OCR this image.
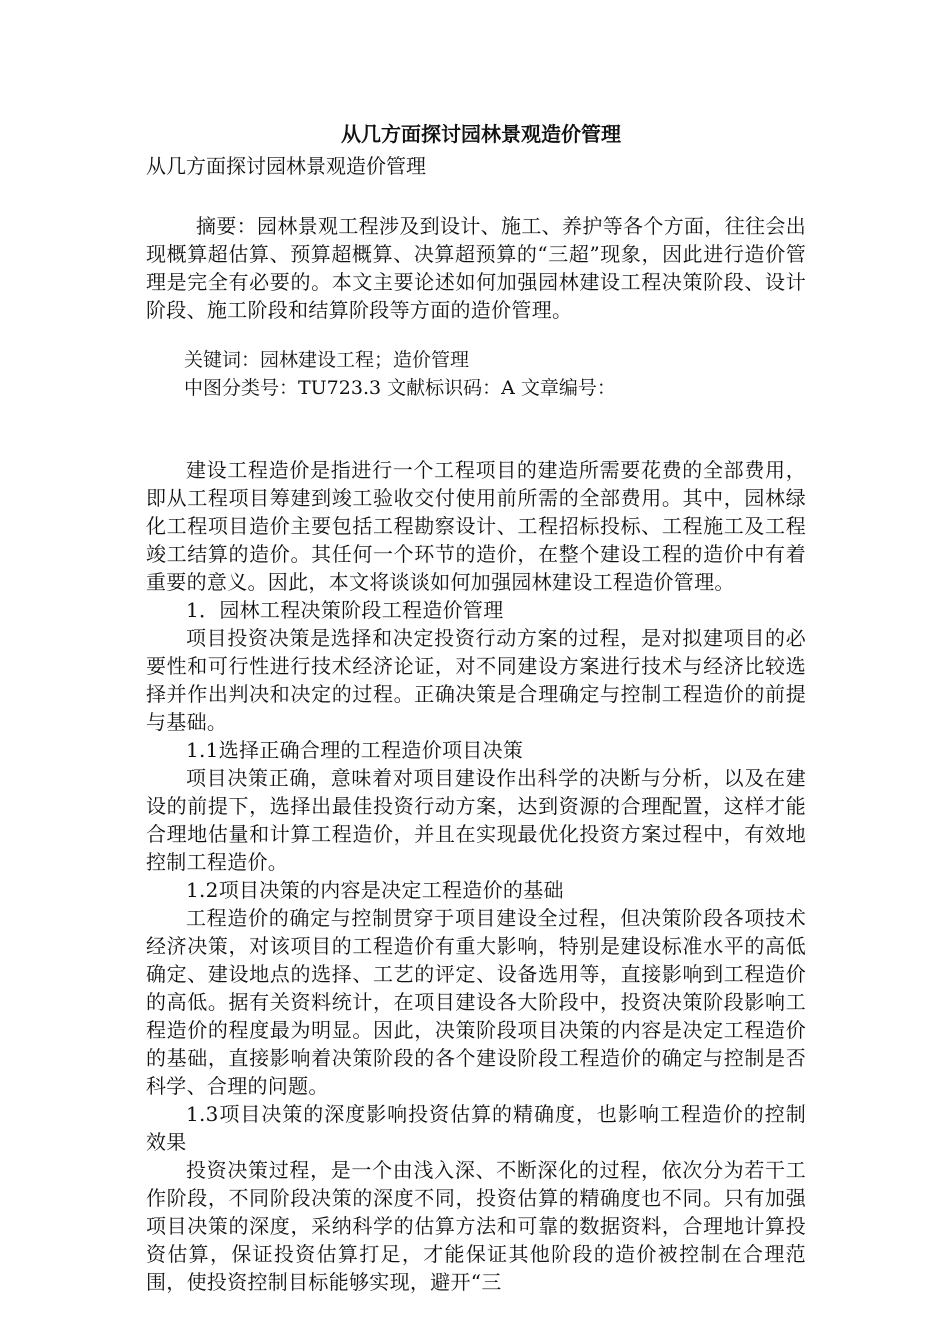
从几方面探讨园林景观造价管理
从几方面探讨园林景观造价管理

摘要：园林景观工程涉及到设计、施工、养护等各个方面，往往会出现概算超估算、预算超概算、决算超预算的“三超”现象，因此进行造价管理是完全有必要的。本文主要论述如何加强园林建设工程决策阶段、设计阶段、施工阶段和结算阶段等方面的造价管理。

关键词：园林建设工程；造价管理
中图分类号：TU723.3 文献标识码：A 文章编号：

建设工程造价是指进行一个工程项目的建造所需要花费的全部费用，即从工程项目筹建到竣工验收交付使用前所需的全部费用。其中，园林绿化工程项目造价主要包括工程勘察设计、工程招标投标、工程施工及工程竣工结算的造价。其任何一个环节的造价，在整个建设工程的造价中有着重要的意义。因此，本文将谈谈如何加强园林建设工程造价管理。

1．园林工程决策阶段工程造价管理

项目投资决策是选择和决定投资行动方案的过程，是对拟建项目的必要性和可行性进行技术经济论证，对不同建设方案进行技术与经济比较选择并作出判决和决定的过程。正确决策是合理确定与控制工程造价的前提与基础。

1.1选择正确合理的工程造价项目决策

项目决策正确，意味着对项目建设作出科学的决断与分析，以及在建设的前提下，选择出最佳投资行动方案，达到资源的合理配置，这样才能合理地估量和计算工程造价，并且在实现最优化投资方案过程中，有效地控制工程造价。

1.2项目决策的内容是决定工程造价的基础

工程造价的确定与控制贯穿于项目建设全过程，但决策阶段各项技术经济决策，对该项目的工程造价有重大影响，特别是建设标准水平的高低确定、建设地点的选择、工艺的评定、设备选用等，直接影响到工程造价的高低。据有关资料统计，在项目建设各大阶段中，投资决策阶段影响工程造价的程度最为明显。因此，决策阶段项目决策的内容是决定工程造价的基础，直接影响着决策阶段的各个建设阶段工程造价的确定与控制是否科学、合理的问题。

1.3项目决策的深度影响投资估算的精确度，也影响工程造价的控制效果

投资决策过程，是一个由浅入深、不断深化的过程，依次分为若干工作阶段，不同阶段决策的深度不同，投资估算的精确度也不同。只有加强项目决策的深度，采纳科学的估算方法和可靠的数据资料，合理地计算投资估算，保证投资估算打足，才能保证其他阶段的造价被控制在合理范围，使投资控制目标能够实现，避开“三
